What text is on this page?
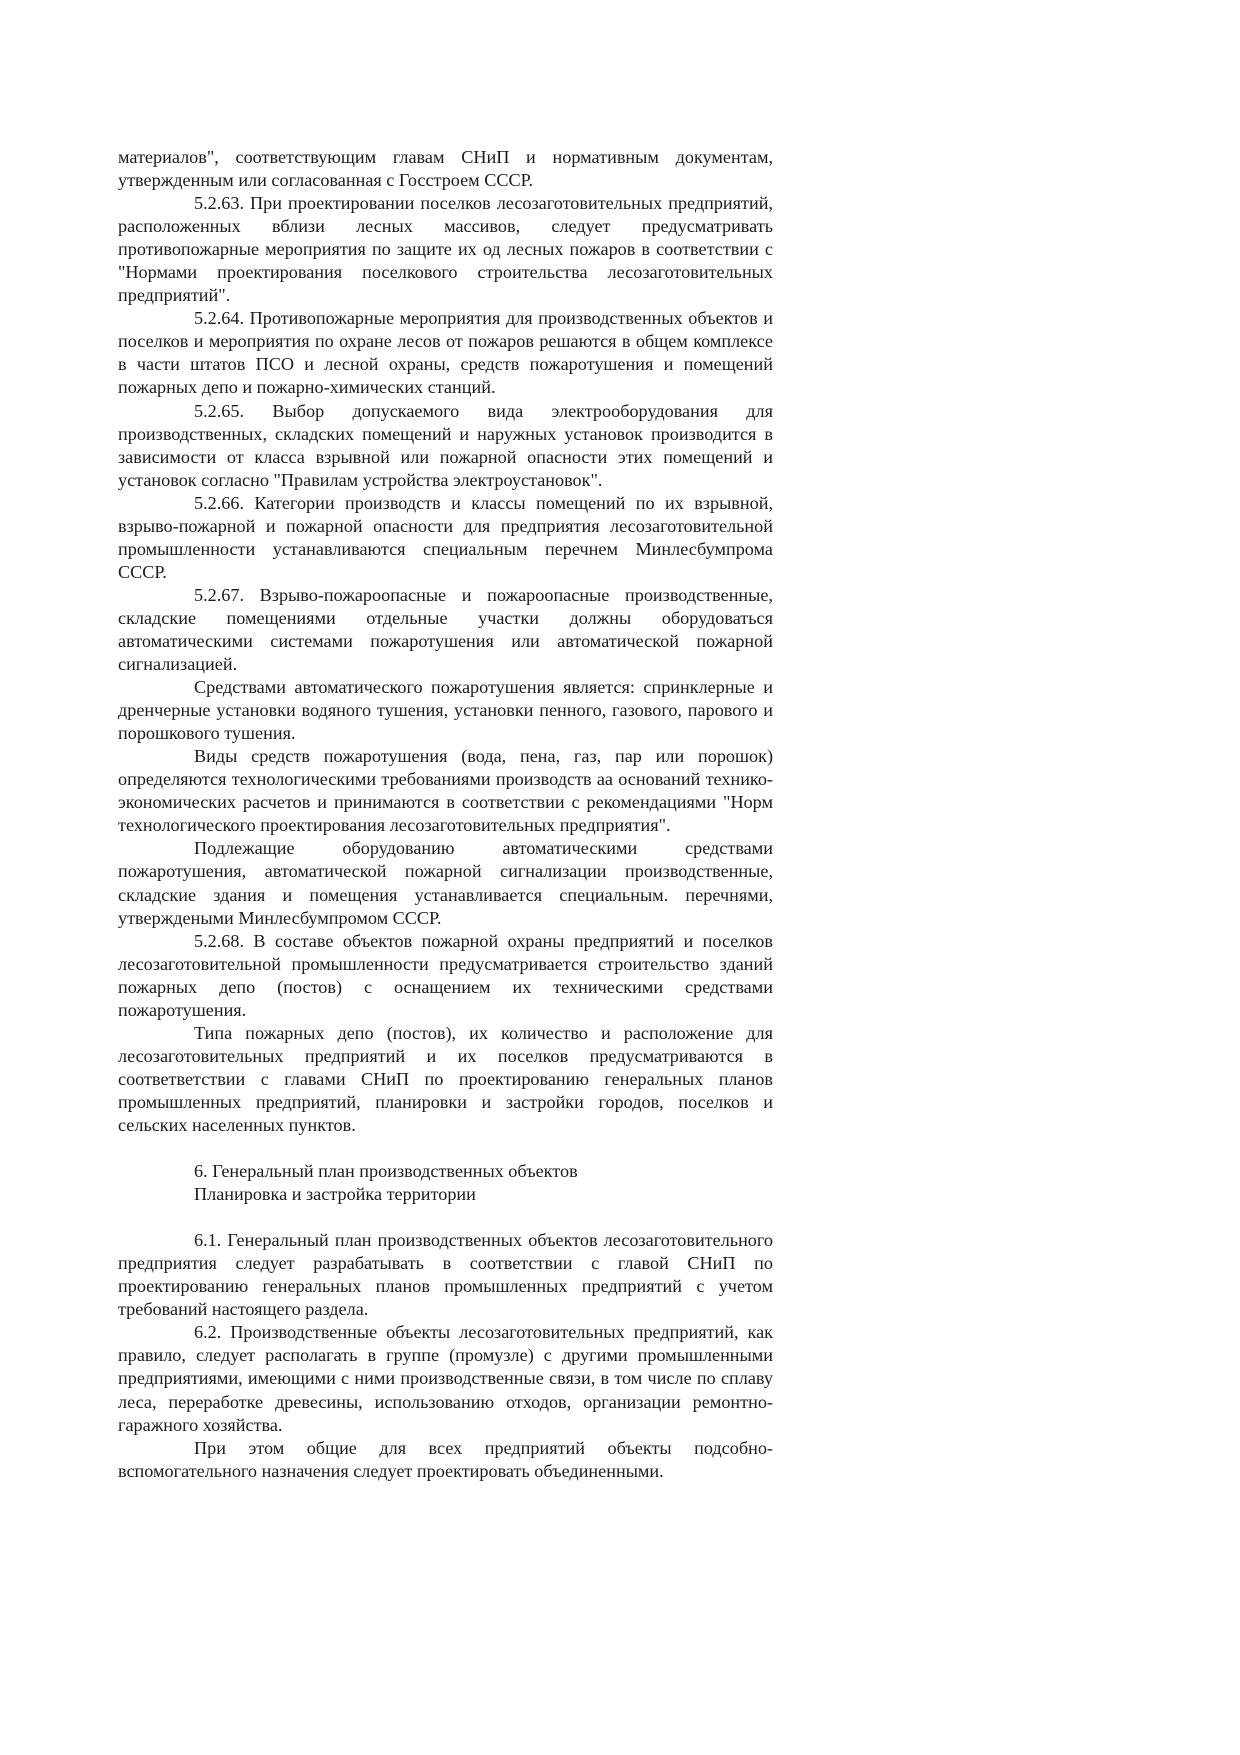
материалов", соответствующим главам СНиП и нормативным документам, утвержденным или согласованная с Госстроем СССР.

5.2.63. При проектировании поселков лесозаготовительных предприятий, расположенных вблизи лесных массивов, следует предусматривать противопожарные мероприятия по защите их од лесных пожаров в соответствии с "Нормами проектирования поселкового строительства лесозаготовительных предприятий".

5.2.64. Противопожарные мероприятия для производственных объектов и поселков и мероприятия по охране лесов от пожаров решаются в общем комплексе в части штатов ПСО и лесной охраны, средств пожаротушения и помещений пожарных депо и пожарно-химических станций.

5.2.65. Выбор допускаемого вида электрооборудования для производственных, складских помещений и наружных установок производится в зависимости от класса взрывной или пожарной опасности этих помещений и установок согласно "Правилам устройства электроустановок".

5.2.66. Категории производств и классы помещений по их взрывной, взрыво-пожарной и пожарной опасности для предприятия лесозаготовительной промышленности устанавливаются специальным перечнем Минлесбумпрома СССР.

5.2.67. Взрыво-пожароопасные и пожароопасные производственные, складские помещениями отдельные участки должны оборудоваться автоматическими системами пожаротушения или автоматической пожарной сигнализацией.

Средствами автоматического пожаротушения является: спринклерные и дренчерные установки водяного тушения, установки пенного, газового, парового и порошкового тушения.

Виды средств пожаротушения (вода, пена, газ, пар или порошок) определяются технологическими требованиями производств аа оснований технико-экономических расчетов и принимаются в соответствии с рекомендациями "Норм технологического проектирования лесозаготовительных предприятия".

Подлежащие оборудованию автоматическими средствами пожаротушения, автоматической пожарной сигнализации производственные, складские здания и помещения устанавливается специальным. перечнями, утверждеными Минлесбумпромом СССР.

5.2.68. В составе объектов пожарной охраны предприятий и поселков лесозаготовительной промышленности предусматривается строительство зданий пожарных депо (постов) с оснащением их техническими средствами пожаротушения.

Типа пожарных депо (постов), их количество и расположение для лесозаготовительных предприятий и их поселков предусматриваются в соответветствии с главами СНиП по проектированию генеральных планов промышленных предприятий, планировки и застройки городов, поселков и сельских населенных пунктов.

6. Генеральный план производственных объектов

Планировка и застройка территории

6.1. Генеральный план производственных объектов лесозаготовительного предприятия следует разрабатывать в соответствии с главой СНиП по проектированию генеральных планов промышленных предприятий с учетом требований настоящего раздела.

6.2. Производственные объекты лесозаготовительных предприятий, как правило, следует располагать в группе (промузле) с другими промышленными предприятиями, имеющими с ними производственные связи, в том числе по сплаву леса, переработке древесины, использованию отходов, организации ремонтно-гаражного хозяйства.

При этом общие для всех предприятий объекты подсобно-вспомогательного назначения следует проектировать объединенными.
